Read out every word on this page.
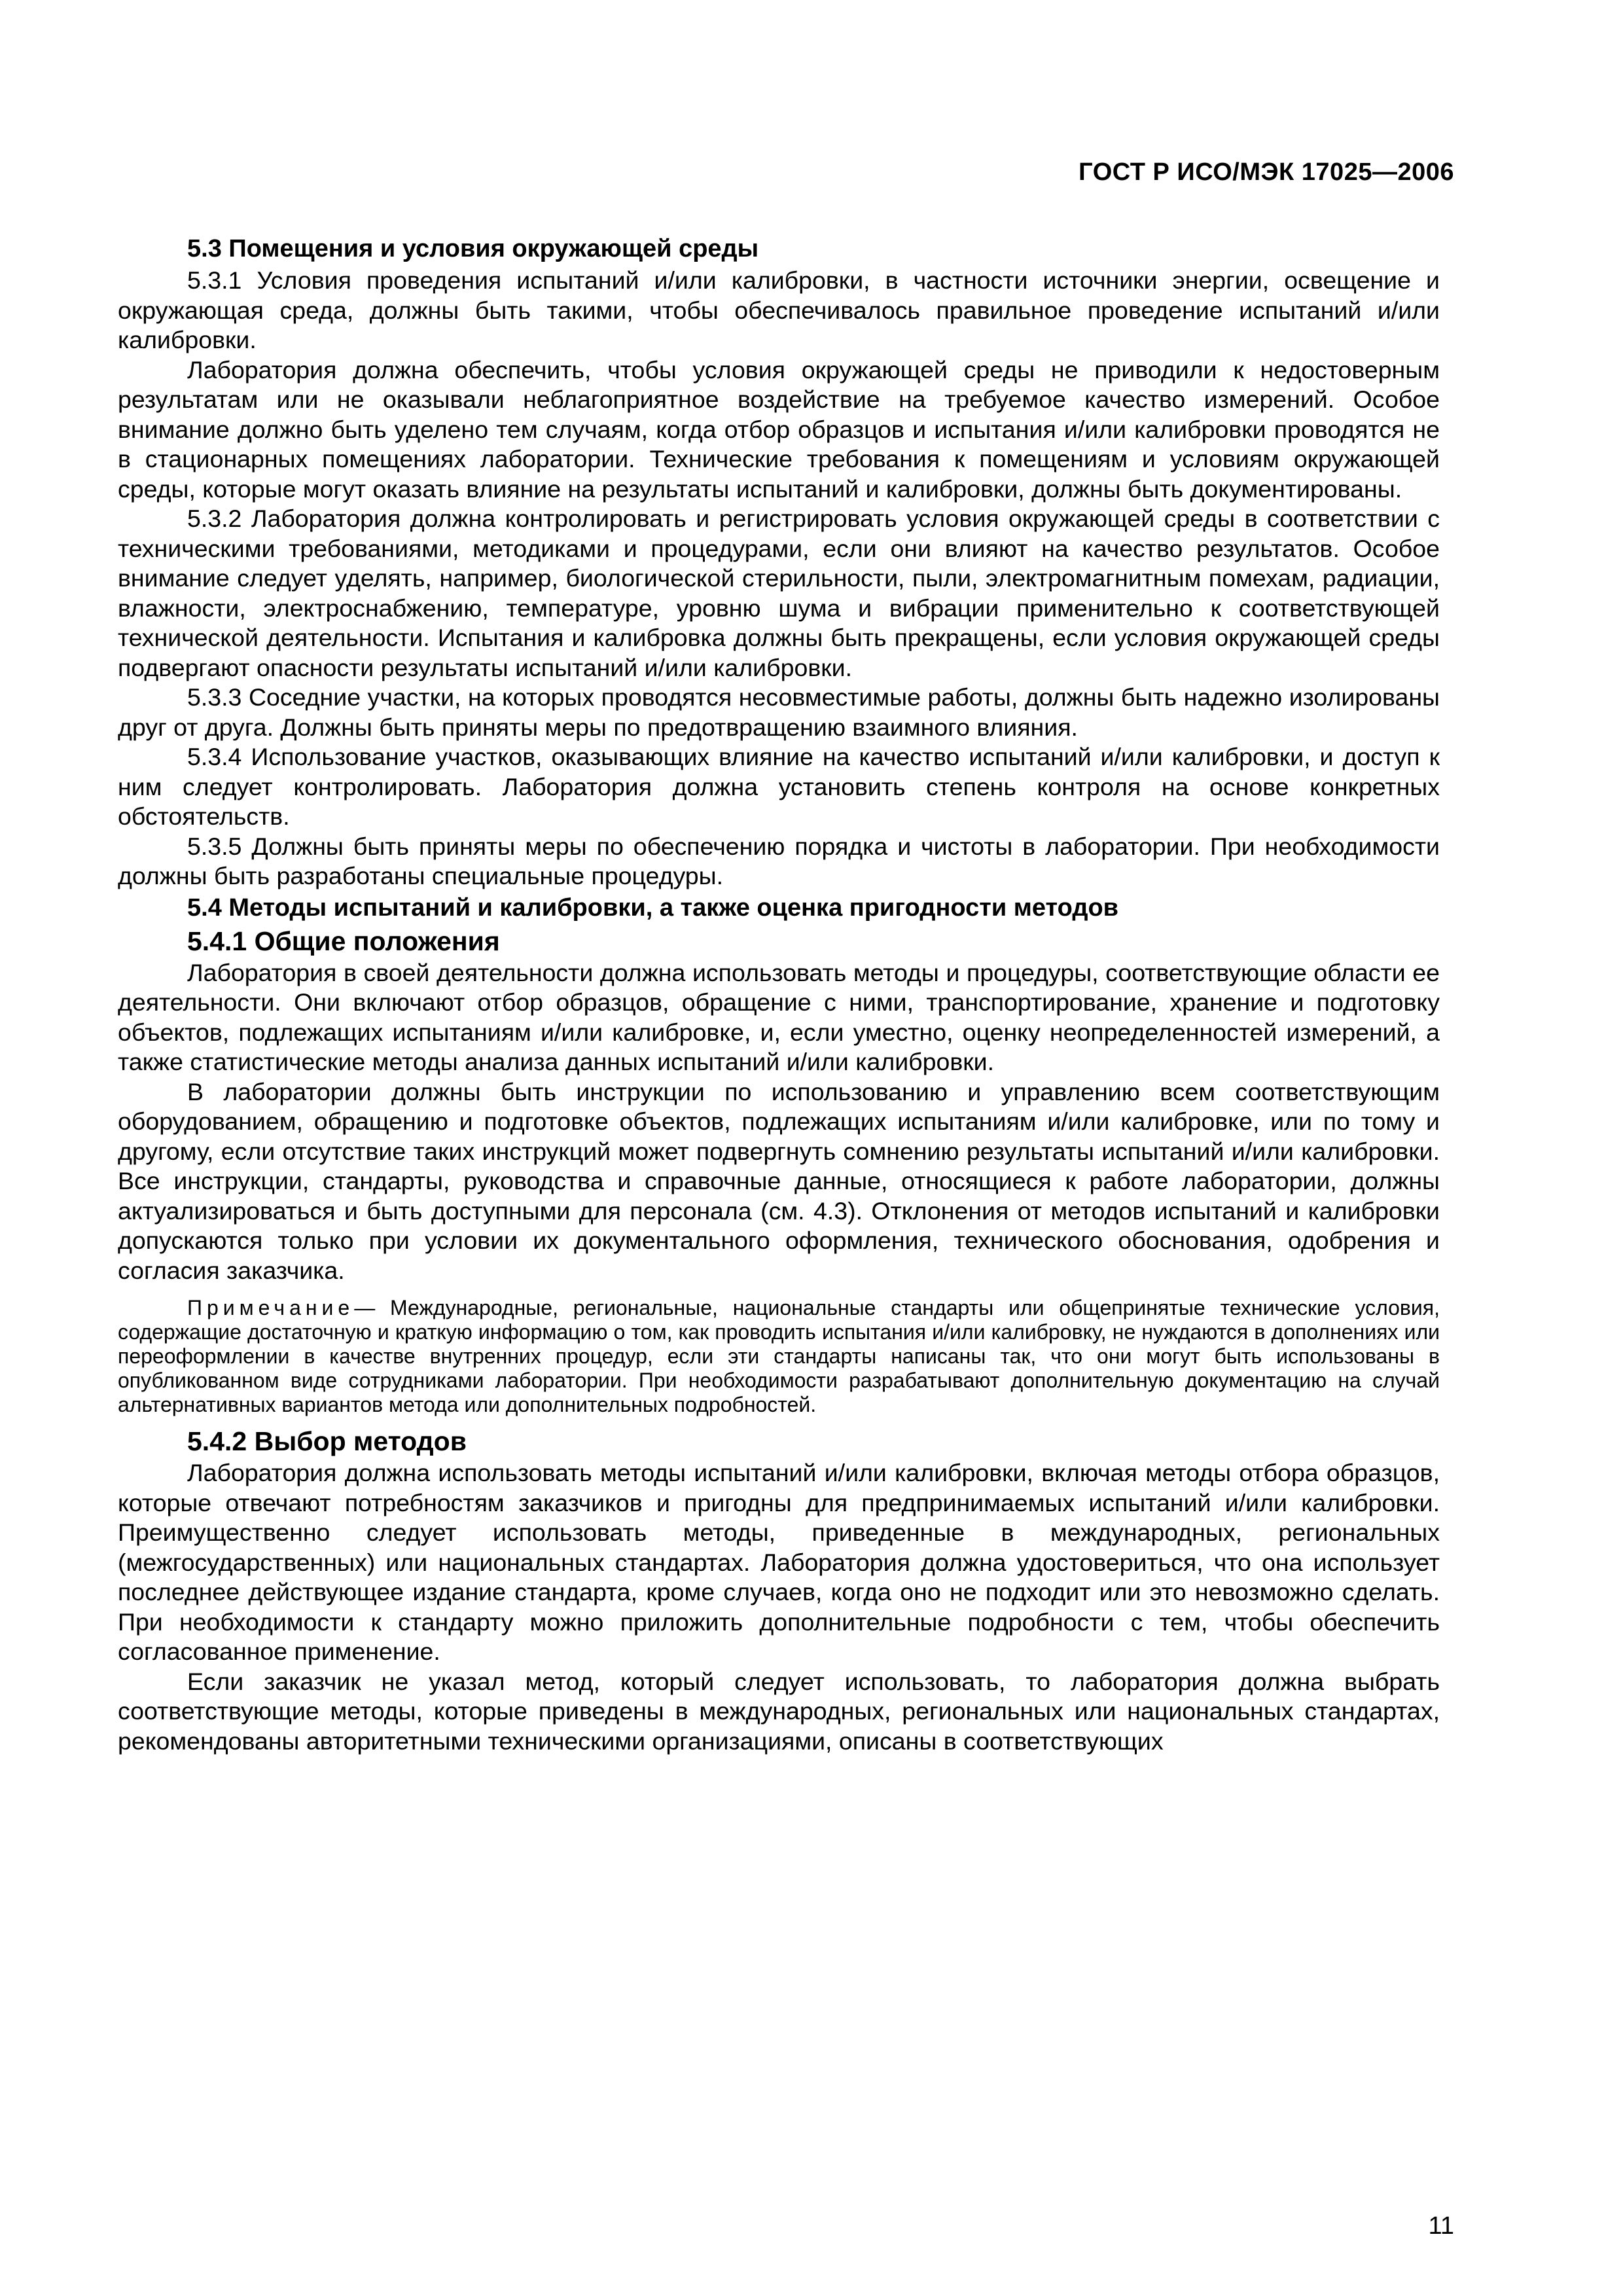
ГОСТ Р ИСО/МЭК 17025—2006
5.3 Помещения и условия окружающей среды

5.3.1 Условия проведения испытаний и/или калибровки, в частности источники энергии, освещение и окружающая среда, должны быть такими, чтобы обеспечивалось правильное проведение испытаний и/или калибровки.

Лаборатория должна обеспечить, чтобы условия окружающей среды не приводили к недостоверным результатам или не оказывали неблагоприятное воздействие на требуемое качество измерений. Особое внимание должно быть уделено тем случаям, когда отбор образцов и испытания и/или калибровки проводятся не в стационарных помещениях лаборатории. Технические требования к помещениям и условиям окружающей среды, которые могут оказать влияние на результаты испытаний и калибровки, должны быть документированы.

5.3.2 Лаборатория должна контролировать и регистрировать условия окружающей среды в соответствии с техническими требованиями, методиками и процедурами, если они влияют на качество результатов. Особое внимание следует уделять, например, биологической стерильности, пыли, электромагнитным помехам, радиации, влажности, электроснабжению, температуре, уровню шума и вибрации применительно к соответствующей технической деятельности. Испытания и калибровка должны быть прекращены, если условия окружающей среды подвергают опасности результаты испытаний и/или калибровки.

5.3.3 Соседние участки, на которых проводятся несовместимые работы, должны быть надежно изолированы друг от друга. Должны быть приняты меры по предотвращению взаимного влияния.

5.3.4 Использование участков, оказывающих влияние на качество испытаний и/или калибровки, и доступ к ним следует контролировать. Лаборатория должна установить степень контроля на основе конкретных обстоятельств.

5.3.5 Должны быть приняты меры по обеспечению порядка и чистоты в лаборатории. При необходимости должны быть разработаны специальные процедуры.

5.4 Методы испытаний и калибровки, а также оценка пригодности методов
5.4.1 Общие положения

Лаборатория в своей деятельности должна использовать методы и процедуры, соответствующие области ее деятельности. Они включают отбор образцов, обращение с ними, транспортирование, хранение и подготовку объектов, подлежащих испытаниям и/или калибровке, и, если уместно, оценку неопределенностей измерений, а также статистические методы анализа данных испытаний и/или калибровки.

В лаборатории должны быть инструкции по использованию и управлению всем соответствующим оборудованием, обращению и подготовке объектов, подлежащих испытаниям и/или калибровке, или по тому и другому, если отсутствие таких инструкций может подвергнуть сомнению результаты испытаний и/или калибровки. Все инструкции, стандарты, руководства и справочные данные, относящиеся к работе лаборатории, должны актуализироваться и быть доступными для персонала (см. 4.3). Отклонения от методов испытаний и калибровки допускаются только при условии их документального оформления, технического обоснования, одобрения и согласия заказчика.

Примечание— Международные, региональные, национальные стандарты или общепринятые технические условия, содержащие достаточную и краткую информацию о том, как проводить испытания и/или калибровку, не нуждаются в дополнениях или переоформлении в качестве внутренних процедур, если эти стандарты написаны так, что они могут быть использованы в опубликованном виде сотрудниками лаборатории. При необходимости разрабатывают дополнительную документацию на случай альтернативных вариантов метода или дополнительных подробностей.

5.4.2 Выбор методов

Лаборатория должна использовать методы испытаний и/или калибровки, включая методы отбора образцов, которые отвечают потребностям заказчиков и пригодны для предпринимаемых испытаний и/или калибровки. Преимущественно следует использовать методы, приведенные в международных, региональных (межгосударственных) или национальных стандартах. Лаборатория должна удостовериться, что она использует последнее действующее издание стандарта, кроме случаев, когда оно не подходит или это невозможно сделать. При необходимости к стандарту можно приложить дополнительные подробности с тем, чтобы обеспечить согласованное применение.

Если заказчик не указал метод, который следует использовать, то лаборатория должна выбрать соответствующие методы, которые приведены в международных, региональных или национальных стандартах, рекомендованы авторитетными техническими организациями, описаны в соответствующих

11
